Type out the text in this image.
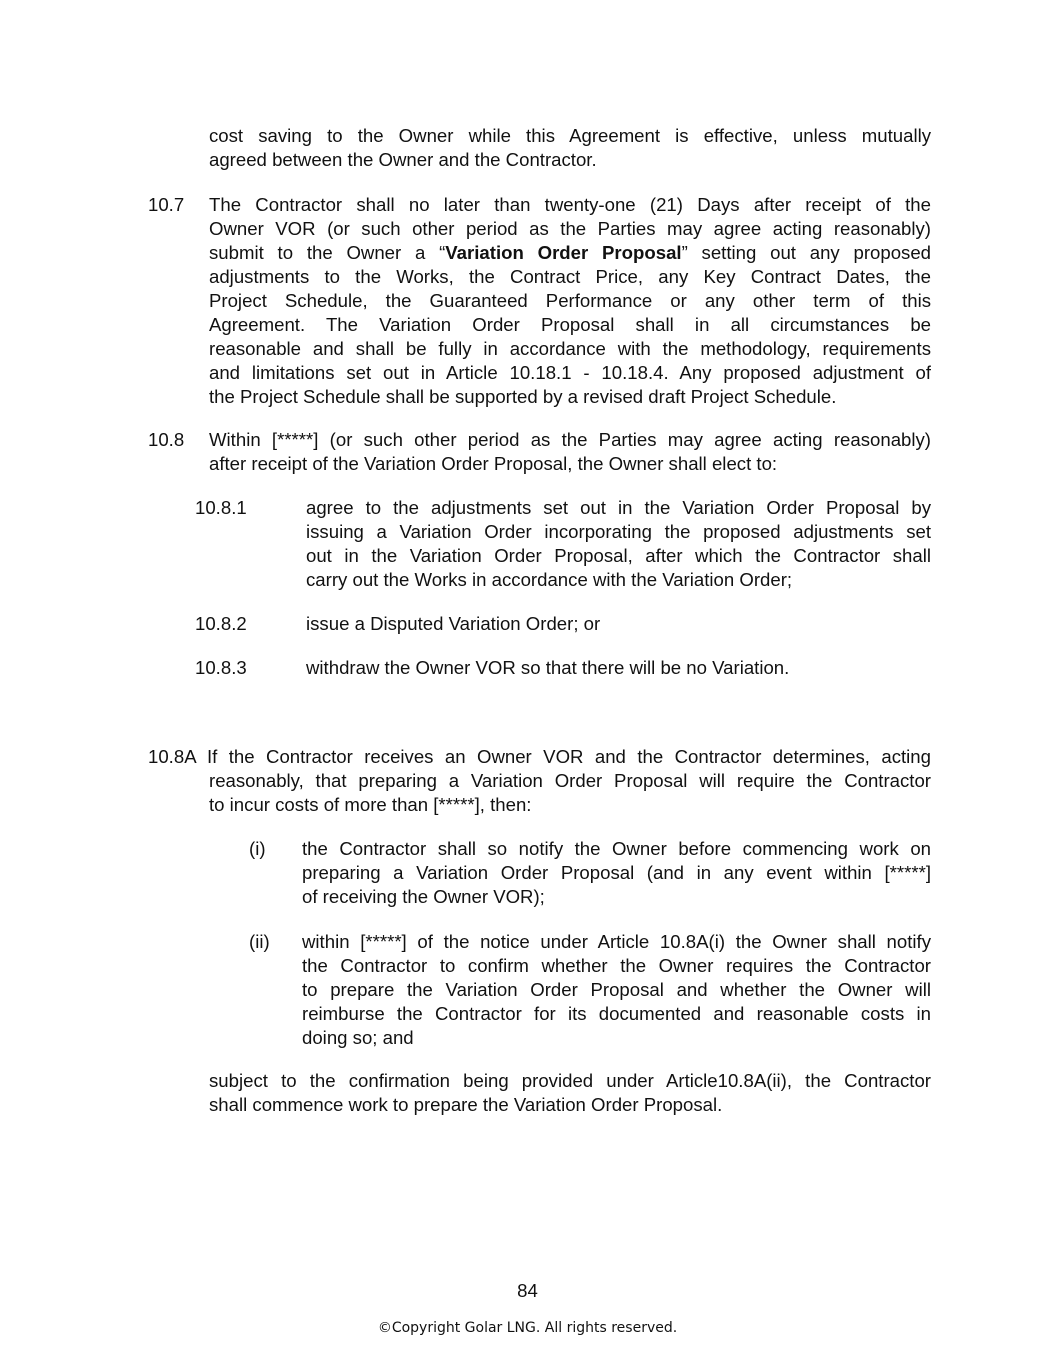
cost saving to the Owner while this Agreement is effective, unless mutually
agreed between the Owner and the Contractor.
10.7 The Contractor shall no later than twenty-one (21) Days after receipt of the
Owner VOR (or such other period as the Parties may agree acting reasonably)
submit to the Owner a “Variation Order Proposal” setting out any proposed
adjustments to the Works, the Contract Price, any Key Contract Dates, the
Project Schedule, the Guaranteed Performance or any other term of this
Agreement. The Variation Order Proposal shall in all circumstances be
reasonable and shall be fully in accordance with the methodology, requirements
and limitations set out in Article 10.18.1 - 10.18.4. Any proposed adjustment of
the Project Schedule shall be supported by a revised draft Project Schedule.
10.8 Within [*****] (or such other period as the Parties may agree acting reasonably)
after receipt of the Variation Order Proposal, the Owner shall elect to:
10.8.1	agree to the adjustments set out in the Variation Order Proposal by
issuing a Variation Order incorporating the proposed adjustments set
out in the Variation Order Proposal, after which the Contractor shall
carry out the Works in accordance with the Variation Order;
10.8.2	issue a Disputed Variation Order; or
10.8.3	withdraw the Owner VOR so that there will be no Variation.
10.8A If the Contractor receives an Owner VOR and the Contractor determines, acting
reasonably, that preparing a Variation Order Proposal will require the Contractor
to incur costs of more than [*****], then:
(i) the Contractor shall so notify the Owner before commencing work on
preparing a Variation Order Proposal (and in any event within [*****]
of receiving the Owner VOR);
(ii) within [*****] of the notice under Article 10.8A(i) the Owner shall notify
the Contractor to confirm whether the Owner requires the Contractor
to prepare the Variation Order Proposal and whether the Owner will
reimburse the Contractor for its documented and reasonable costs in
doing so; and
subject to the confirmation being provided under Article10.8A(ii), the Contractor
shall commence work to prepare the Variation Order Proposal.
84
©Copyright Golar LNG. All rights reserved.
